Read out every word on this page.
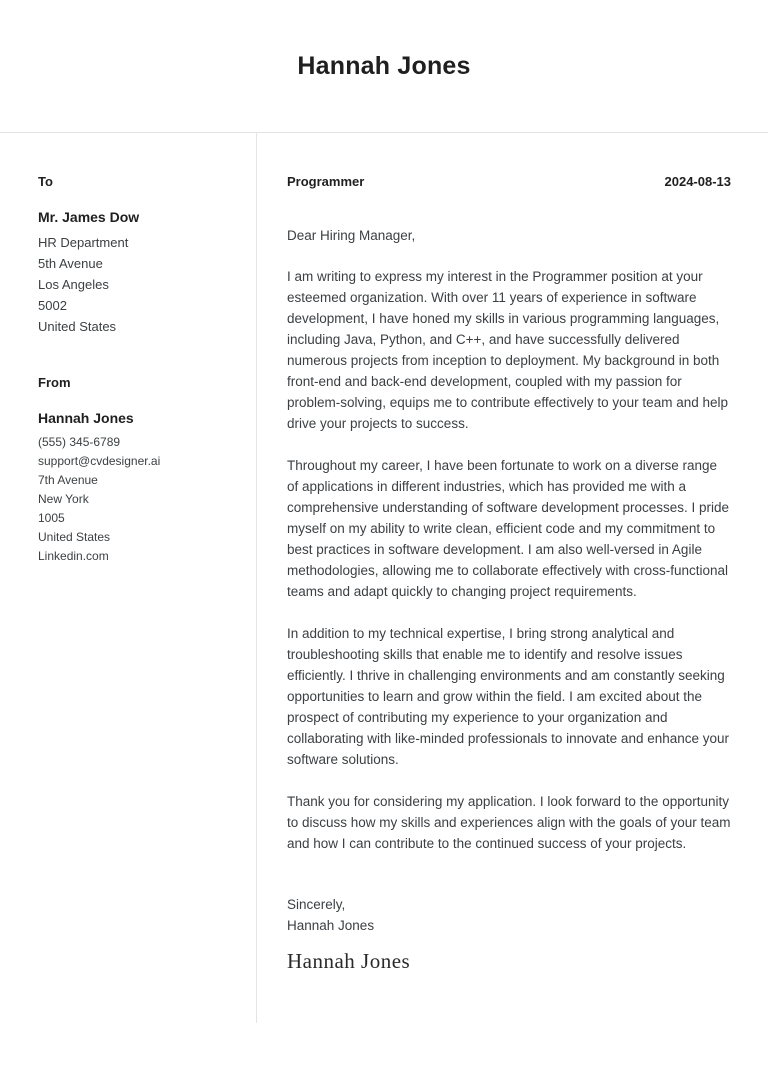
Hannah Jones
To
Mr. James Dow
HR Department
5th Avenue
Los Angeles
5002
United States
From
Hannah Jones
(555) 345-6789
support@cvdesigner.ai
7th Avenue
New York
1005
United States
Linkedin.com
Programmer	2024-08-13

Dear Hiring Manager,

I am writing to express my interest in the Programmer position at your esteemed organization. With over 11 years of experience in software development, I have honed my skills in various programming languages, including Java, Python, and C++, and have successfully delivered numerous projects from inception to deployment. My background in both front-end and back-end development, coupled with my passion for problem-solving, equips me to contribute effectively to your team and help drive your projects to success.

Throughout my career, I have been fortunate to work on a diverse range of applications in different industries, which has provided me with a comprehensive understanding of software development processes. I pride myself on my ability to write clean, efficient code and my commitment to best practices in software development. I am also well-versed in Agile methodologies, allowing me to collaborate effectively with cross-functional teams and adapt quickly to changing project requirements.

In addition to my technical expertise, I bring strong analytical and troubleshooting skills that enable me to identify and resolve issues efficiently. I thrive in challenging environments and am constantly seeking opportunities to learn and grow within the field. I am excited about the prospect of contributing my experience to your organization and collaborating with like-minded professionals to innovate and enhance your software solutions.

Thank you for considering my application. I look forward to the opportunity to discuss how my skills and experiences align with the goals of your team and how I can contribute to the continued success of your projects.

Sincerely,
Hannah Jones
Hannah Jones
